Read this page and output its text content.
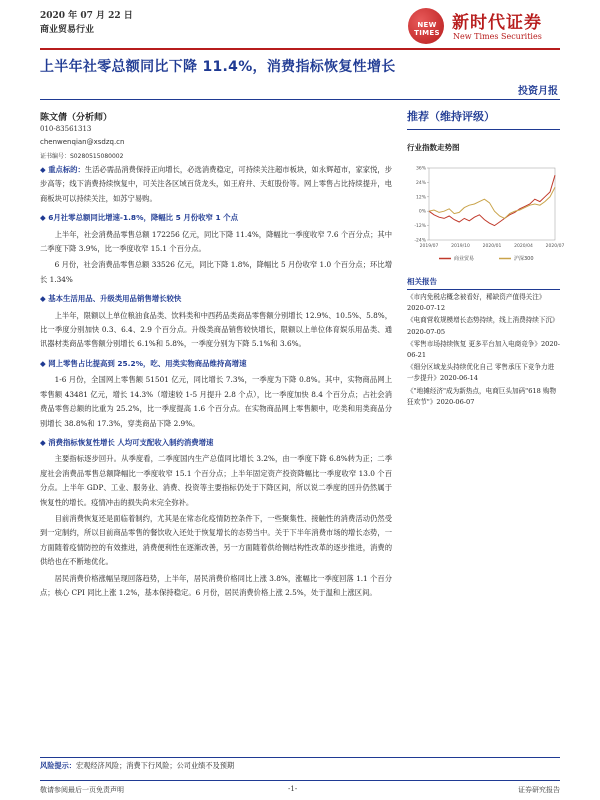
2020 年 07 月 22 日
商业贸易行业	NEW TIMES 新时代证券
New Times Securities
上半年社零总额同比下降 11.4%，消费指标恢复性增长
投资月报
陈文倩（分析师）
010-83561313
chenwenqian@xsdzq.cn
证书编号：S0280515080002

◆ 重点标的：生活必需品消费保持正向增长，必选消费稳定，可持续关注超市板块，如永辉超市，家家悦，步步高等；线下消费持续恢复中，可关注各区域百货龙头，如王府井、天虹股份等。网上零售占比持续提升，电商板块可以持续关注，如苏宁易购。

◆ 6月社零总额同比增速-1.8%，降幅比 5 月份收窄 1 个点

上半年，社会消费品零售总额 172256 亿元，同比下降 11.4%，降幅比一季度收窄 7.6 个百分点；其中二季度下降 3.9%，比一季度收窄 15.1 个百分点。

6 月份，社会消费品零售总额 33526 亿元，同比下降 1.8%，降幅比 5 月份收窄 1.0 个百分点；环比增长 1.34%

◆ 基本生活用品、升级类用品销售增长较快

上半年，限额以上单位粮油食品类、饮料类和中西药品类商品零售额分别增长 12.9%、10.5%、5.8%，比一季度分别加快 0.3、6.4、2.9 个百分点。升级类商品销售较快增长，限额以上单位体育娱乐用品类、通讯器材类商品零售额分别增长 6.1%和 5.8%，一季度分别为下降 5.1%和 3.6%。

◆ 网上零售占比提高到 25.2%，吃、用类实物商品维持高增速

1-6 月份，全国网上零售额 51501 亿元，同比增长 7.3%，一季度为下降 0.8%。其中，实物商品网上零售额 43481 亿元，增长 14.3%（增速较 1-5 月提升 2.8 个点），比一季度加快 8.4 个百分点；占社会消费品零售总额的比重为 25.2%，比一季度提高 1.6 个百分点。在实物商品网上零售额中，吃类和用类商品分别增长 38.8%和 17.3%，穿类商品下降 2.9%。

◆ 消费指标恢复性增长 人均可支配收入制约消费增速

主要指标逐步回升。从季度看，二季度国内生产总值同比增长 3.2%，由一季度下降 6.8%转为正；二季度社会消费品零售总额降幅比一季度收窄 15.1 个百分点；上半年固定资产投资降幅比一季度收窄 13.0 个百分点。上半年 GDP、工业、服务业、消费、投资等主要指标仍处于下降区间，所以说二季度的回升仍然属于恢复性的增长。疫情冲击的损失尚未完全弥补。

目前消费恢复还是面临着制约，尤其是在常态化疫情防控条件下，一些聚集性、接触性的消费活动仍然受到一定制约，所以目前商品零售的餐饮收入还处于恢复增长的态势当中。关于下半年消费市场的增长态势，一方面随着疫情防控的有效推进，消费便利性在逐渐改善，另一方面随着供给侧结构性改革的逐步推进，消费的供给也在不断地优化。

居民消费价格涨幅呈现回落趋势，上半年，居民消费价格同比上涨 3.8%，涨幅比一季度回落 1.1 个百分点；核心 CPI 同比上涨 1.2%，基本保持稳定。6 月份，居民消费价格上涨 2.5%，处于温和上涨区间。

推荐（维持评级）
行业指数走势图
36%
24%
12%
0%
-12%
-24%
2019/07	2019/10	2020/01	2020/04	2020/07
商业贸易	沪深300
相关报告
《市内免税店概念被看好，稀缺资产值得关注》2020-07-12
《电商营收规模增长态势持续，线上消费持续下沉》2020-07-05
《零售市场持续恢复 更多平台加入电商竞争》2020-06-21
《细分区域龙头持续优化自己 零售承压下竞争力进一步提升》2020-06-14
《"地摊经济"成为新热点，电商巨头加码"618 购物狂欢节"》2020-06-07
风险提示：宏观经济风险；消费下行风险；公司业绩不及预期
敬请参阅最后一页免责声明	-1-	证券研究报告
